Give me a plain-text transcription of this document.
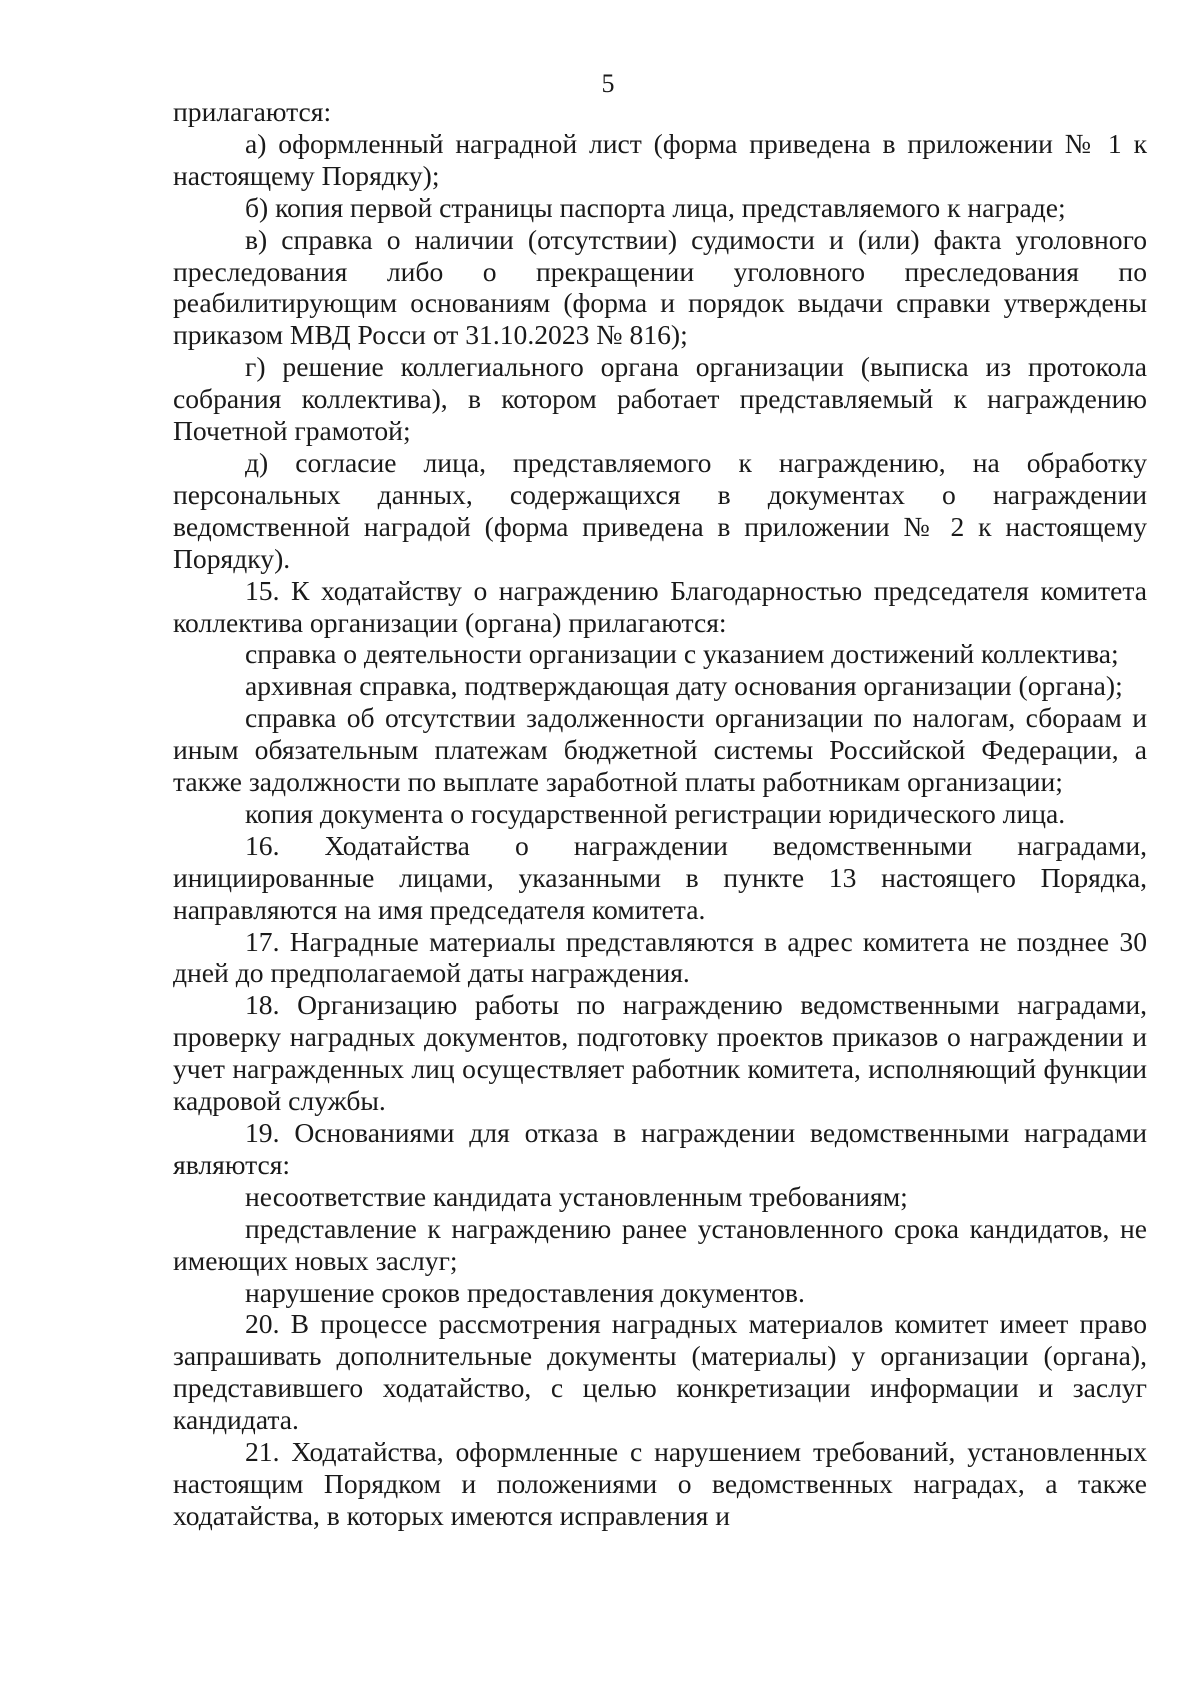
5

прилагаются:

а) оформленный наградной лист (форма приведена в приложении № 1 к настоящему Порядку);

б) копия первой страницы паспорта лица, представляемого к награде;

в) справка о наличии (отсутствии) судимости и (или) факта уголовного преследования либо о прекращении уголовного преследования по реабилитирующим основаниям (форма и порядок выдачи справки утверждены приказом МВД Росси от 31.10.2023 № 816);

г) решение коллегиального органа организации (выписка из протокола собрания коллектива), в котором работает представляемый к награждению Почетной грамотой;

д) согласие лица, представляемого к награждению, на обработку персональных данных, содержащихся в документах о награждении ведомственной наградой (форма приведена в приложении № 2 к настоящему Порядку).

15. К ходатайству о награждению Благодарностью председателя комитета коллектива организации (органа) прилагаются:

справка о деятельности организации с указанием достижений коллектива;

архивная справка, подтверждающая дату основания организации (органа);

справка об отсутствии задолженности организации по налогам, сбораам и иным обязательным платежам бюджетной системы Российской Федерации, а также задолжности по выплате заработной платы работникам организации;

копия документа о государственной регистрации юридического лица.

16. Ходатайства о награждении ведомственными наградами, инициированные лицами, указанными в пункте 13 настоящего Порядка, направляются на имя председателя комитета.

17. Наградные материалы представляются в адрес комитета не позднее 30 дней до предполагаемой даты награждения.

18. Организацию работы по награждению ведомственными наградами, проверку наградных документов, подготовку проектов приказов о награждении и учет награжденных лиц осуществляет работник комитета, исполняющий функции кадровой службы.

19. Основаниями для отказа в награждении ведомственными наградами являются:

несоответствие кандидата установленным требованиям;

представление к награждению ранее установленного срока кандидатов, не имеющих новых заслуг;

нарушение сроков предоставления документов.

20. В процессе рассмотрения наградных материалов комитет имеет право запрашивать дополнительные документы (материалы) у организации (органа), представившего ходатайство, с целью конкретизации информации и заслуг кандидата.

21. Ходатайства, оформленные с нарушением требований, установленных настоящим Порядком и положениями о ведомственных наградах, а также ходатайства, в которых имеются исправления и
